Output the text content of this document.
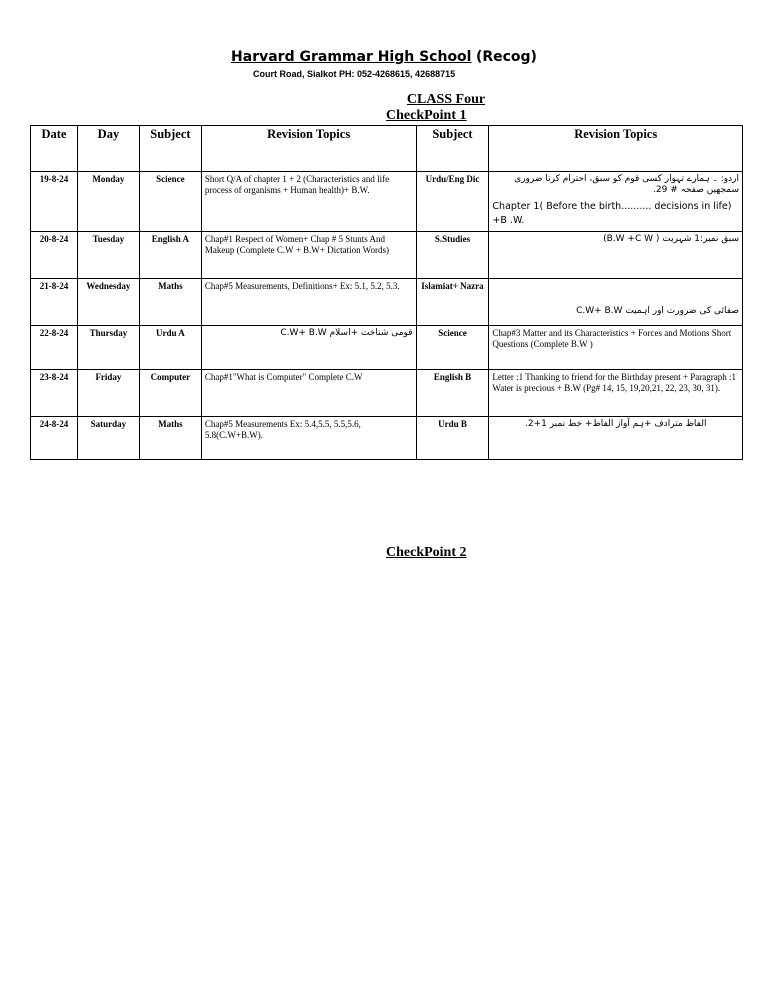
Harvard Grammar High School (Recog)
Court Road, Sialkot PH: 052-4268615, 42688715
CLASS Four
CheckPoint 1
Date	Day	Subject	Revision Topics	Subject	Revision Topics
19-8-24	Monday	Science	Short Q/A of chapter 1 + 2 (Characteristics and life process of organisms + Human health)+ B.W.	Urdu/Eng Dic	اردو: ۔ ہمارے تہوار کسی قوم کو سبق، احترام کرنا ضروری سمجھیں صفحہ # 29.
Chapter 1( Before the birth.......... decisions in life) +B .W.

20-8-24	Tuesday	English A	Chap#1 Respect of Women+ Chap # 5 Stunts And Makeup (Complete C.W + B.W+ Dictation Words)	S.Studies	سبق نمبر:1 شہریت ( B.W +C W)
21-8-24	Wednesday	Maths	Chap#5 Measurements, Definitions+ Ex: 5.1, 5.2, 5.3.	Islamiat+ Nazra	صفائی کی ضرورت اور اہمیت C.W+ B.W
22-8-24	Thursday	Urdu A	قومی شناخت +اسلام C.W+ B.W	Science	Chap#3 Matter and its Characteristics + Forces and Motions Short Questions (Complete B.W )
23-8-24	Friday	Computer	Chap#1"What is Computer" Complete C.W	English B	Letter :1 Thanking to friend for the Birthday present + Paragraph :1 Water is precious + B.W (Pg# 14, 15, 19,20,21, 22, 23, 30, 31).
24-8-24	Saturday	Maths	Chap#5 Measurements Ex: 5.4,5.5, 5.5,5.6, 5.8(C.W+B.W).	Urdu B	الفاظ مترادف +ہم آواز الفاظ+ خط نمبر 1+2.
CheckPoint 2
